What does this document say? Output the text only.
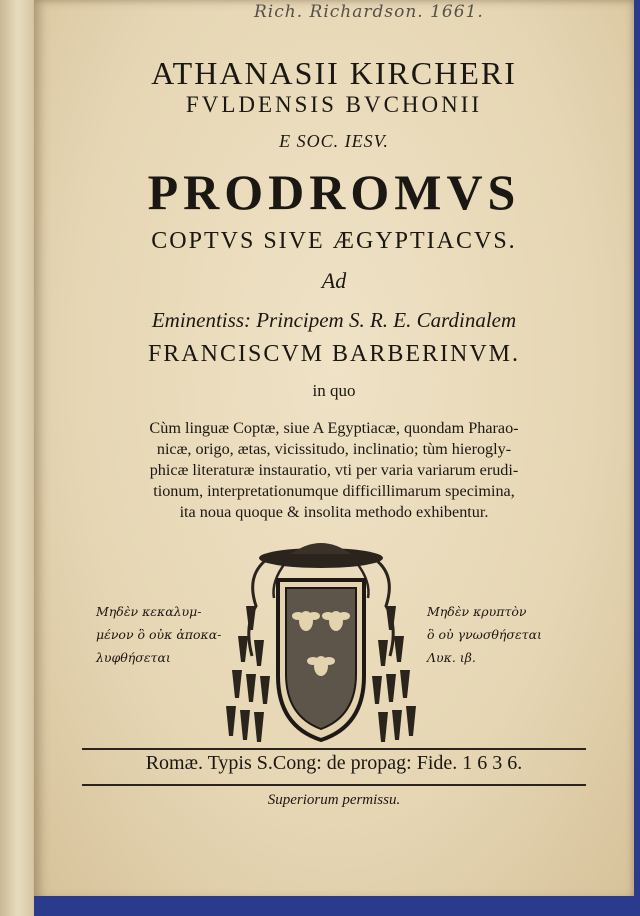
Rich. Richardson. 1661.
ATHANASII KIRCHERI
FVLDENSIS BVCHONII
E SOC. IESV.
PRODROMVS
COPTVS SIVE ÆGYPTIACVS.
Ad
Eminentiss: Principem S. R. E. Cardinalem
FRANCISCVM BARBERINVM.
in quo
Cùm linguæ Coptæ, siue A Egyptiacæ, quondam Pharao-
nicæ, origo, ætas, vicissitudo, inclinatio; tùm hierogly-
phicæ literaturæ instauratio, vti per varia variarum erudi-
tionum, interpretationumque difficillimarum specimina,
ita noua quoque & insolita methodo exhibentur.
Μηδὲν κεκαλυμ-
μένον ὃ οὐκ ἀποκα-
λυφθήσεται
Μηδὲν κρυπτὸν
ὃ οὐ γνωσθήσεται
Λυκ. ιβ.
Romæ. Typis S.Cong: de propag: Fide. 1 6 3 6.
Superiorum permissu.
